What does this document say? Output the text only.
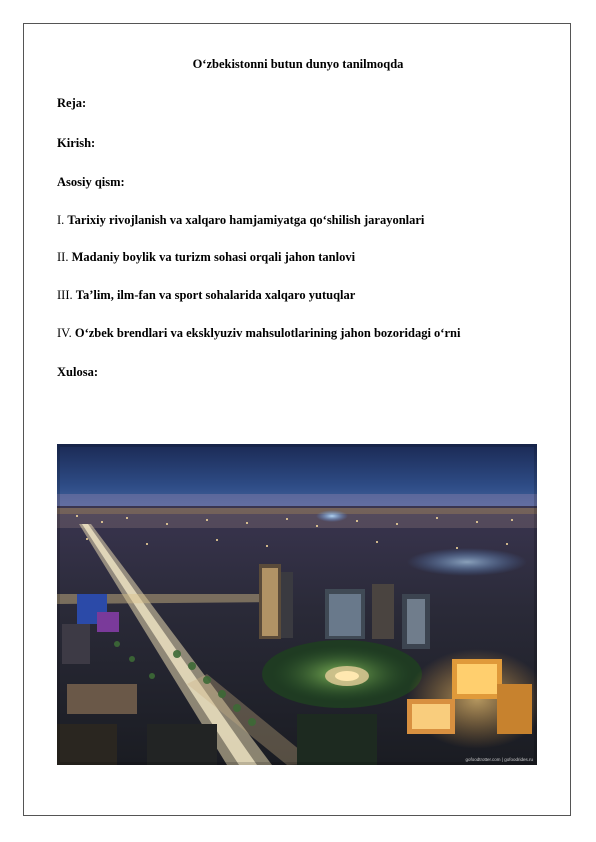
O‘zbekistonni butun dunyo tanilmoqda
Reja:
Kirish:
Asosiy qism:
I. Tarixiy rivojlanish va xalqaro hamjamiyatga qo‘shilish jarayonlari
II. Madaniy boylik va turizm sohasi orqali jahon tanlovi
III. Ta’lim, ilm-fan va sport sohalarida xalqaro yutuqlar
IV. O‘zbek brendlari va eksklyuziv mahsulotlarining jahon bozoridagi o‘rni
Xulosa:
gofoodtrotter.com | gofoodrides.ru
